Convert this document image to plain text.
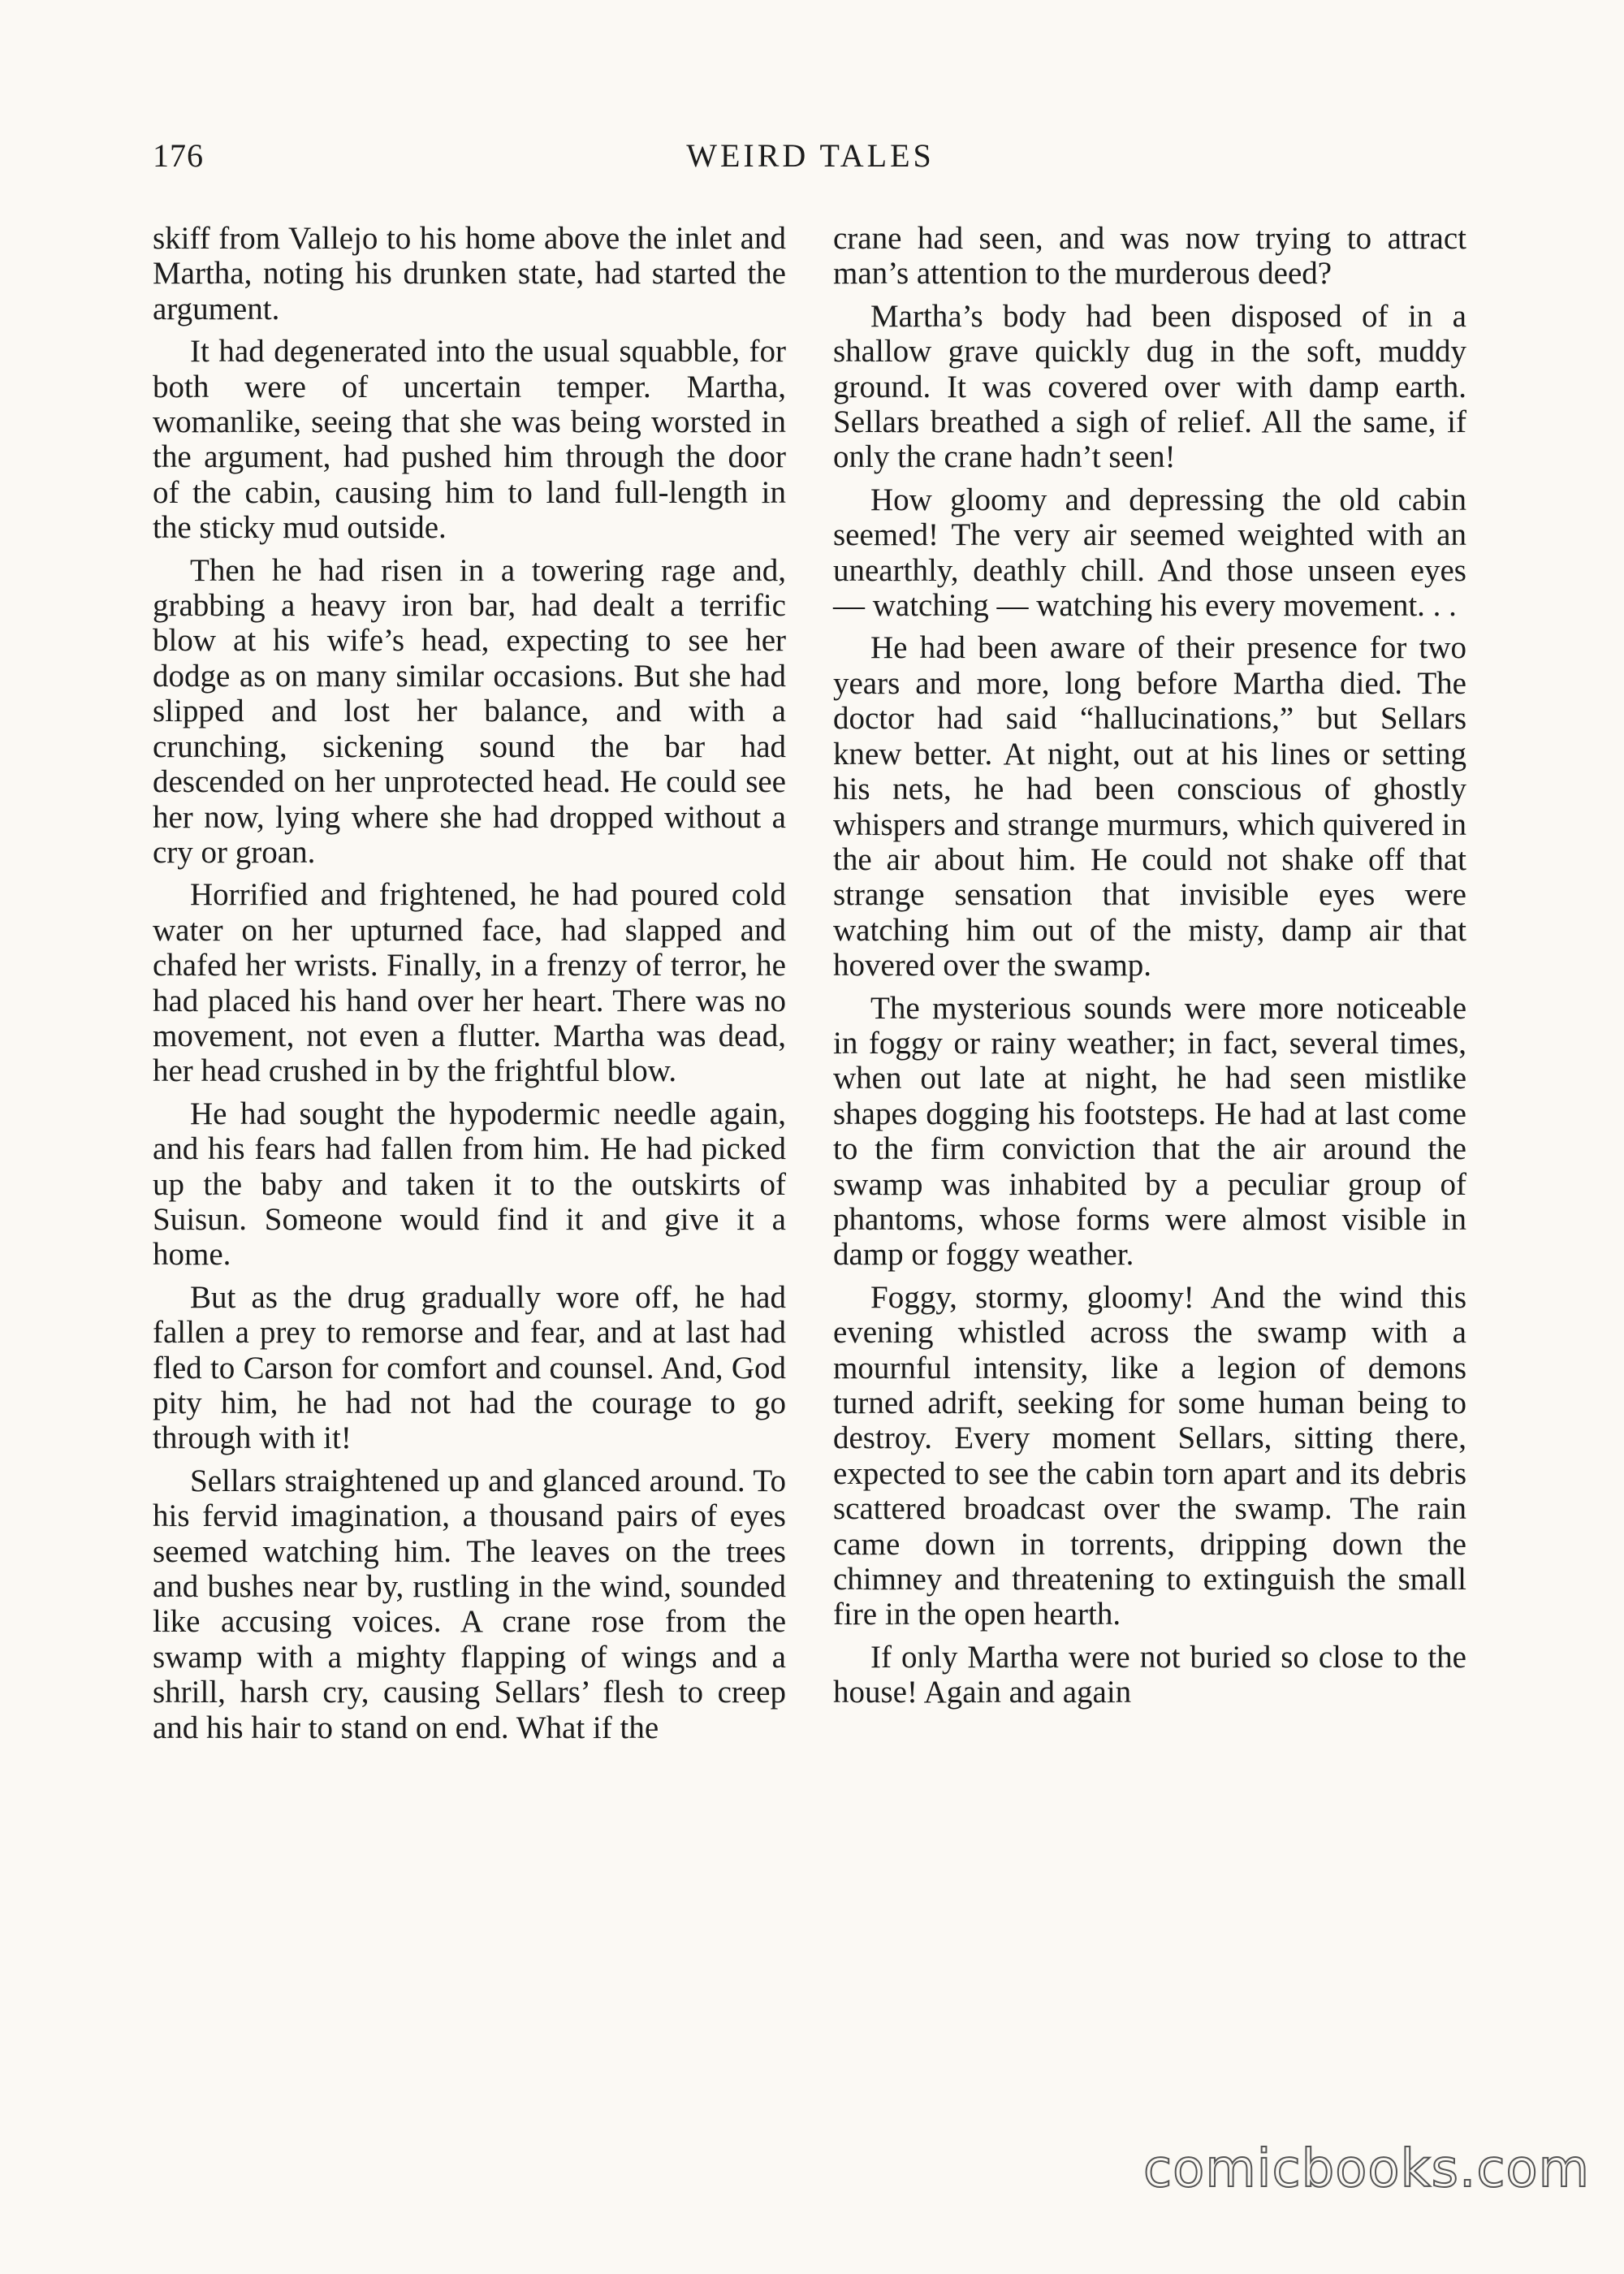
176	WEIRD TALES

skiff from Vallejo to his home above the inlet and Martha, noting his drunken state, had started the argument.

It had degenerated into the usual squabble, for both were of uncertain temper. Martha, womanlike, seeing that she was being worsted in the argument, had pushed him through the door of the cabin, causing him to land full-length in the sticky mud outside.

Then he had risen in a towering rage and, grabbing a heavy iron bar, had dealt a terrific blow at his wife’s head, expecting to see her dodge as on many similar occasions. But she had slipped and lost her balance, and with a crunching, sickening sound the bar had descended on her unprotected head. He could see her now, lying where she had dropped without a cry or groan.

Horrified and frightened, he had poured cold water on her upturned face, had slapped and chafed her wrists. Finally, in a frenzy of terror, he had placed his hand over her heart. There was no movement, not even a flutter. Martha was dead, her head crushed in by the frightful blow.

He had sought the hypodermic needle again, and his fears had fallen from him. He had picked up the baby and taken it to the outskirts of Suisun. Someone would find it and give it a home.

But as the drug gradually wore off, he had fallen a prey to remorse and fear, and at last had fled to Carson for comfort and counsel. And, God pity him, he had not had the courage to go through with it!

Sellars straightened up and glanced around. To his fervid imagination, a thousand pairs of eyes seemed watching him. The leaves on the trees and bushes near by, rustling in the wind, sounded like accusing voices. A crane rose from the swamp with a mighty flapping of wings and a shrill, harsh cry, causing Sellars’ flesh to creep and his hair to stand on end. What if the

crane had seen, and was now trying to attract man’s attention to the murderous deed?

Martha’s body had been disposed of in a shallow grave quickly dug in the soft, muddy ground. It was covered over with damp earth. Sellars breathed a sigh of relief. All the same, if only the crane hadn’t seen!

How gloomy and depressing the old cabin seemed! The very air seemed weighted with an unearthly, deathly chill. And those unseen eyes — watching — watching his every movement. . .

He had been aware of their presence for two years and more, long before Martha died. The doctor had said “hallucinations,” but Sellars knew better. At night, out at his lines or setting his nets, he had been conscious of ghostly whispers and strange murmurs, which quivered in the air about him. He could not shake off that strange sensation that invisible eyes were watching him out of the misty, damp air that hovered over the swamp.

The mysterious sounds were more noticeable in foggy or rainy weather; in fact, several times, when out late at night, he had seen mistlike shapes dogging his footsteps. He had at last come to the firm conviction that the air around the swamp was inhabited by a peculiar group of phantoms, whose forms were almost visible in damp or foggy weather.

Foggy, stormy, gloomy! And the wind this evening whistled across the swamp with a mournful intensity, like a legion of demons turned adrift, seeking for some human being to destroy. Every moment Sellars, sitting there, expected to see the cabin torn apart and its debris scattered broadcast over the swamp. The rain came down in torrents, dripping down the chimney and threatening to extinguish the small fire in the open hearth.

If only Martha were not buried so close to the house! Again and again

comicbooks.com
